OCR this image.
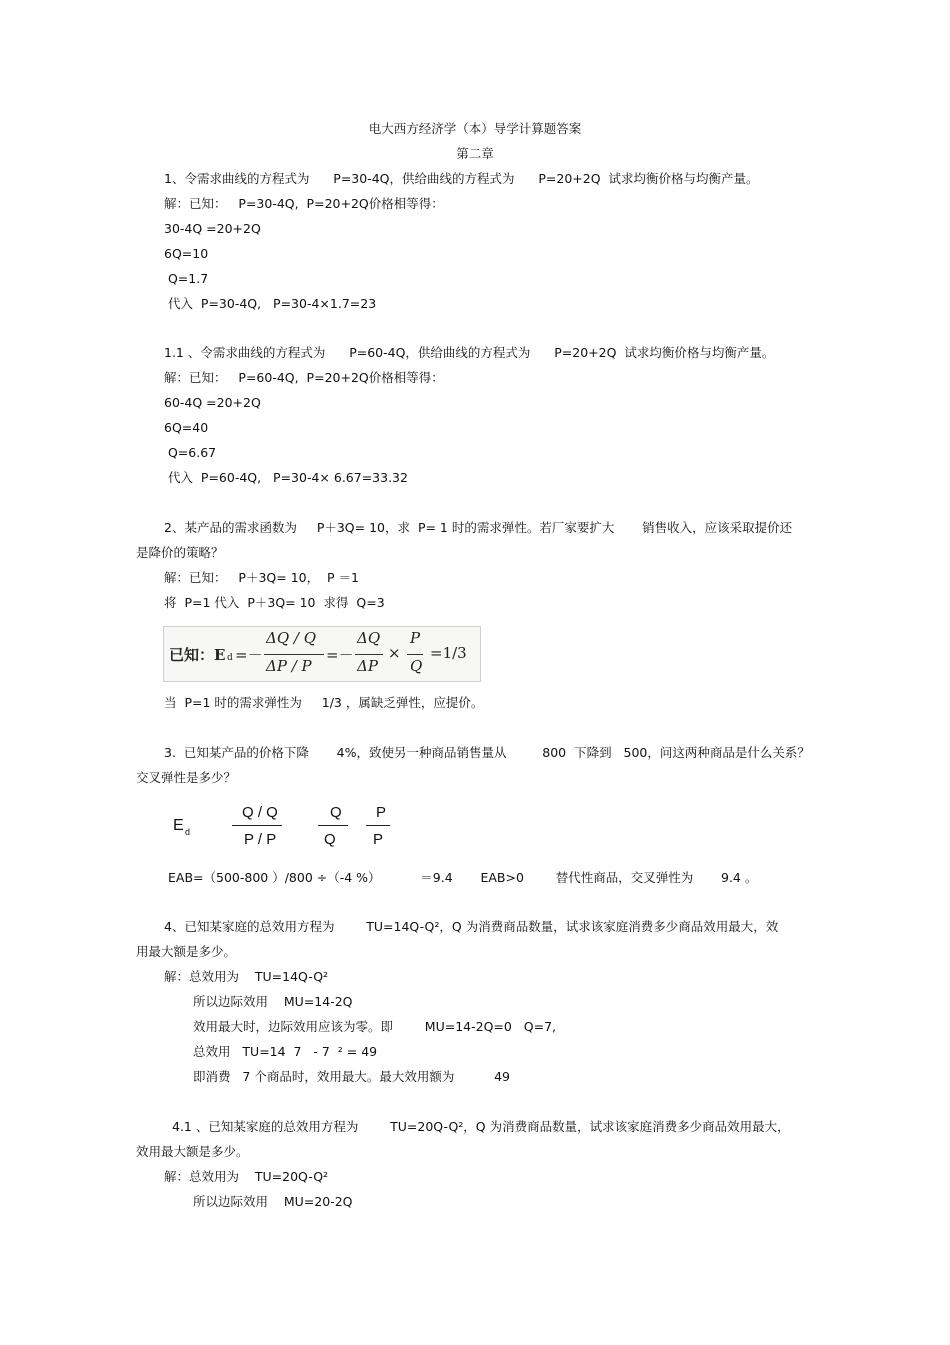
电大西方经济学（本）导学计算题答案
第二章
1、令需求曲线的方程式为      P=30-4Q，供给曲线的方程式为      P=20+2Q  试求均衡价格与均衡产量。
解：已知：   P=30-4Q,  P=20+2Q价格相等得：
30-4Q =20+2Q
6Q=10
Q=1.7
代入  P=30-4Q,   P=30-4×1.7=23
1.1 、令需求曲线的方程式为      P=60-4Q，供给曲线的方程式为      P=20+2Q  试求均衡价格与均衡产量。
解：已知：   P=60-4Q,  P=20+2Q价格相等得：
60-4Q =20+2Q
6Q=40
Q=6.67
代入  P=60-4Q,   P=30-4× 6.67=33.32
2、某产品的需求函数为     P＋3Q= 10，求  P= 1 时的需求弹性。若厂家要扩大       销售收入，应该采取提价还
是降价的策略？
解：已知：   P＋3Q= 10，  P ＝1
将  P=1 代入  P＋3Q= 10  求得  Q=3
已知：E d =－
ΔQ / Q
ΔP / P
=－
ΔQ
ΔP
×
P
Q
=1/3
当  P=1 时的需求弹性为     1/3 ，属缺乏弹性，应提价。
3.  已知某产品的价格下降       4%，致使另一种商品销售量从         800  下降到   500，问这两种商品是什么关系？
交叉弹性是多少？
E d
Q / Q
P / P
Q
Q
P
P
EAB=（500-800 ）/800 ÷（-4 %）          ＝9.4       EAB>0        替代性商品，交叉弹性为       9.4 。
4、已知某家庭的总效用方程为        TU=14Q-Q²，Q 为消费商品数量，试求该家庭消费多少商品效用最大，效
用最大额是多少。
解：总效用为    TU=14Q-Q²
所以边际效用    MU=14-2Q
效用最大时，边际效用应该为零。即        MU=14-2Q=0   Q=7,
总效用   TU=14  7   - 7  ² = 49
即消费   7 个商品时，效用最大。最大效用额为          49
4.1 、已知某家庭的总效用方程为        TU=20Q-Q²，Q 为消费商品数量，试求该家庭消费多少商品效用最大，
效用最大额是多少。
解：总效用为    TU=20Q-Q²
所以边际效用    MU=20-2Q
